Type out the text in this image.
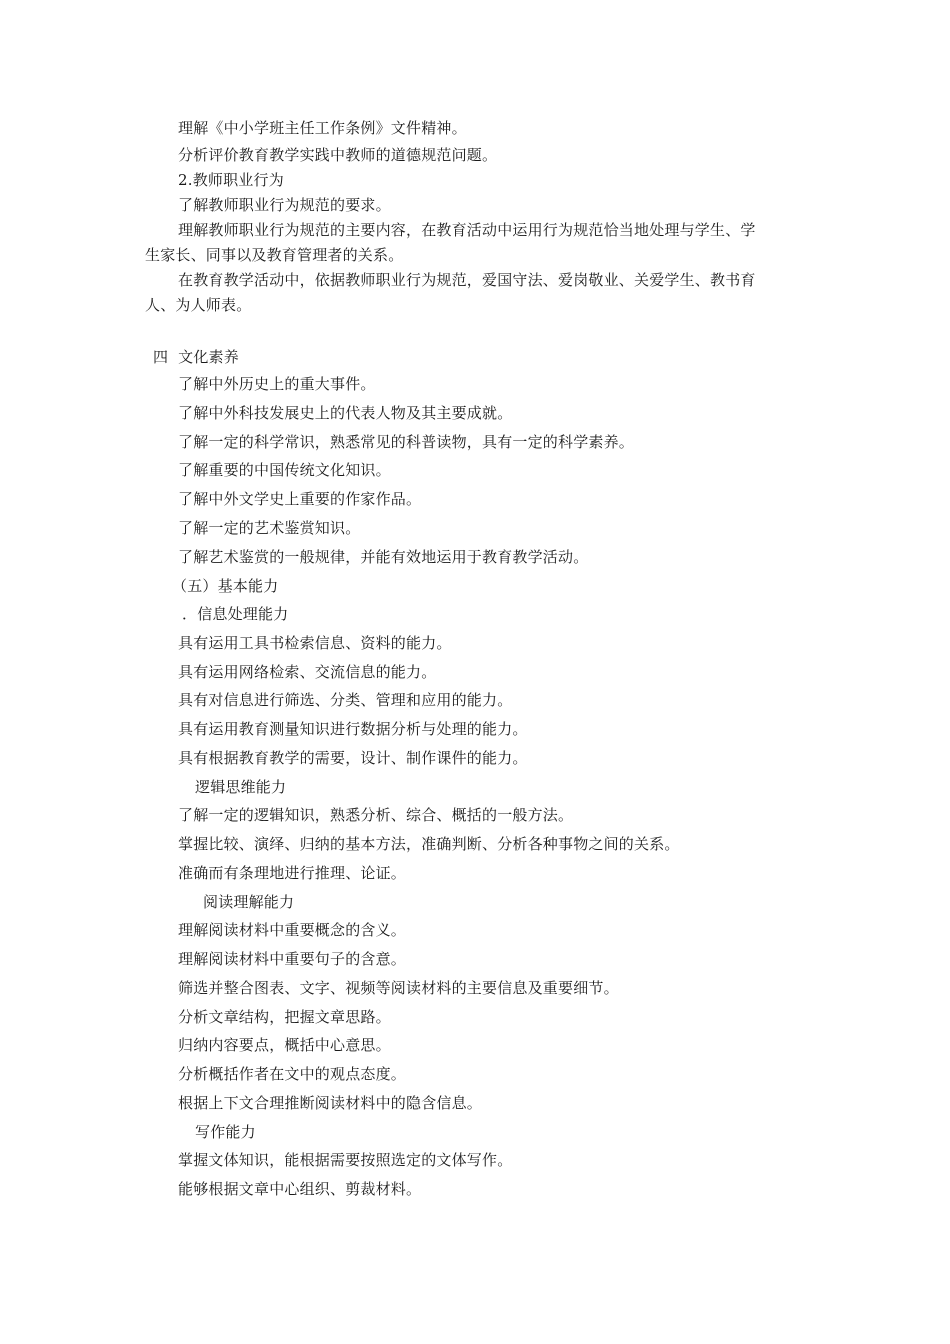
理解《中小学班主任工作条例》文件精神。
分析评价教育教学实践中教师的道德规范问题。
2.教师职业行为
了解教师职业行为规范的要求。
理解教师职业行为规范的主要内容，在教育活动中运用行为规范恰当地处理与学生、学
生家长、同事以及教育管理者的关系。
在教育教学活动中，依据教师职业行为规范，爱国守法、爱岗敬业、关爱学生、教书育
人、为人师表。
四  文化素养
了解中外历史上的重大事件。
了解中外科技发展史上的代表人物及其主要成就。
了解一定的科学常识，熟悉常见的科普读物，具有一定的科学素养。
了解重要的中国传统文化知识。
了解中外文学史上重要的作家作品。
了解一定的艺术鉴赏知识。
了解艺术鉴赏的一般规律，并能有效地运用于教育教学活动。
（五）基本能力
．信息处理能力
具有运用工具书检索信息、资料的能力。
具有运用网络检索、交流信息的能力。
具有对信息进行筛选、分类、管理和应用的能力。
具有运用教育测量知识进行数据分析与处理的能力。
具有根据教育教学的需要，设计、制作课件的能力。
逻辑思维能力
了解一定的逻辑知识，熟悉分析、综合、概括的一般方法。
掌握比较、演绎、归纳的基本方法，准确判断、分析各种事物之间的关系。
准确而有条理地进行推理、论证。
阅读理解能力
理解阅读材料中重要概念的含义。
理解阅读材料中重要句子的含意。
筛选并整合图表、文字、视频等阅读材料的主要信息及重要细节。
分析文章结构，把握文章思路。
归纳内容要点，概括中心意思。
分析概括作者在文中的观点态度。
根据上下文合理推断阅读材料中的隐含信息。
写作能力
掌握文体知识，能根据需要按照选定的文体写作。
能够根据文章中心组织、剪裁材料。
